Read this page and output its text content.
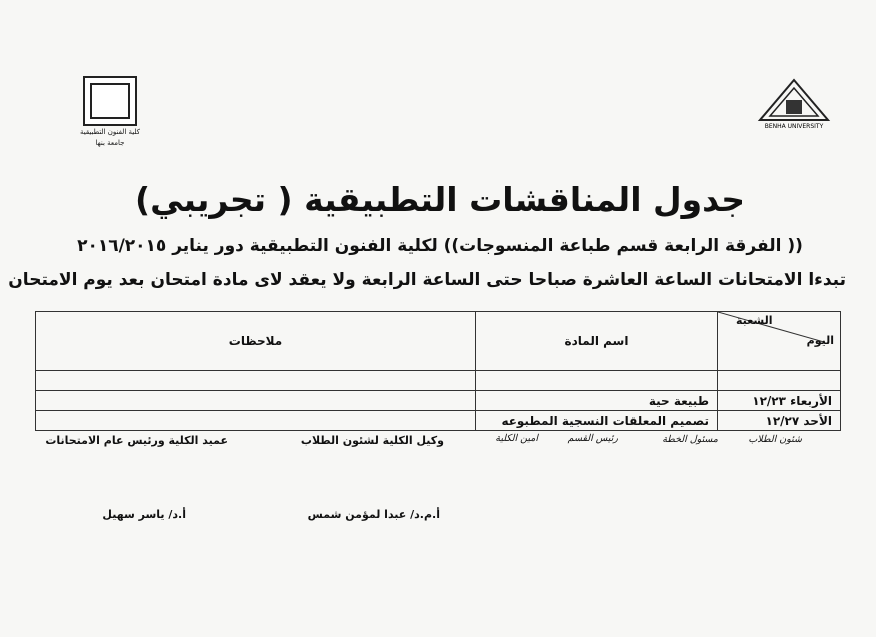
كلية الفنون التطبيقية
جامعة بنها
BENHA UNIVERSITY
جدول المناقشات التطبيقية ( تجريبي)
(( الفرقة الرابعة قسم طباعة المنسوجات)) لكلية الفنون التطبيقية دور يناير ٢٠١٦/٢٠١٥
تبدءا الامتحانات الساعة العاشرة صباحا حتى الساعة الرابعة ولا يعقد لاى مادة امتحان بعد يوم الامتحان
الشعبة
اليوم	اسم المادة	ملاحظات

الأربعاء ١٢/٢٣	طبيعة حية	
الأحد ١٢/٢٧	تصميم المعلقات النسجية المطبوعه	
شئون الطلاب
مسئول الخطة
رئيس القسم
امين الكلية
وكيل الكلية لشئون الطلاب
عميد الكلية ورئيس عام الامتحانات
أ.م.د/ عبدا لمؤمن شمس
أ.د/ ياسر سهيل
